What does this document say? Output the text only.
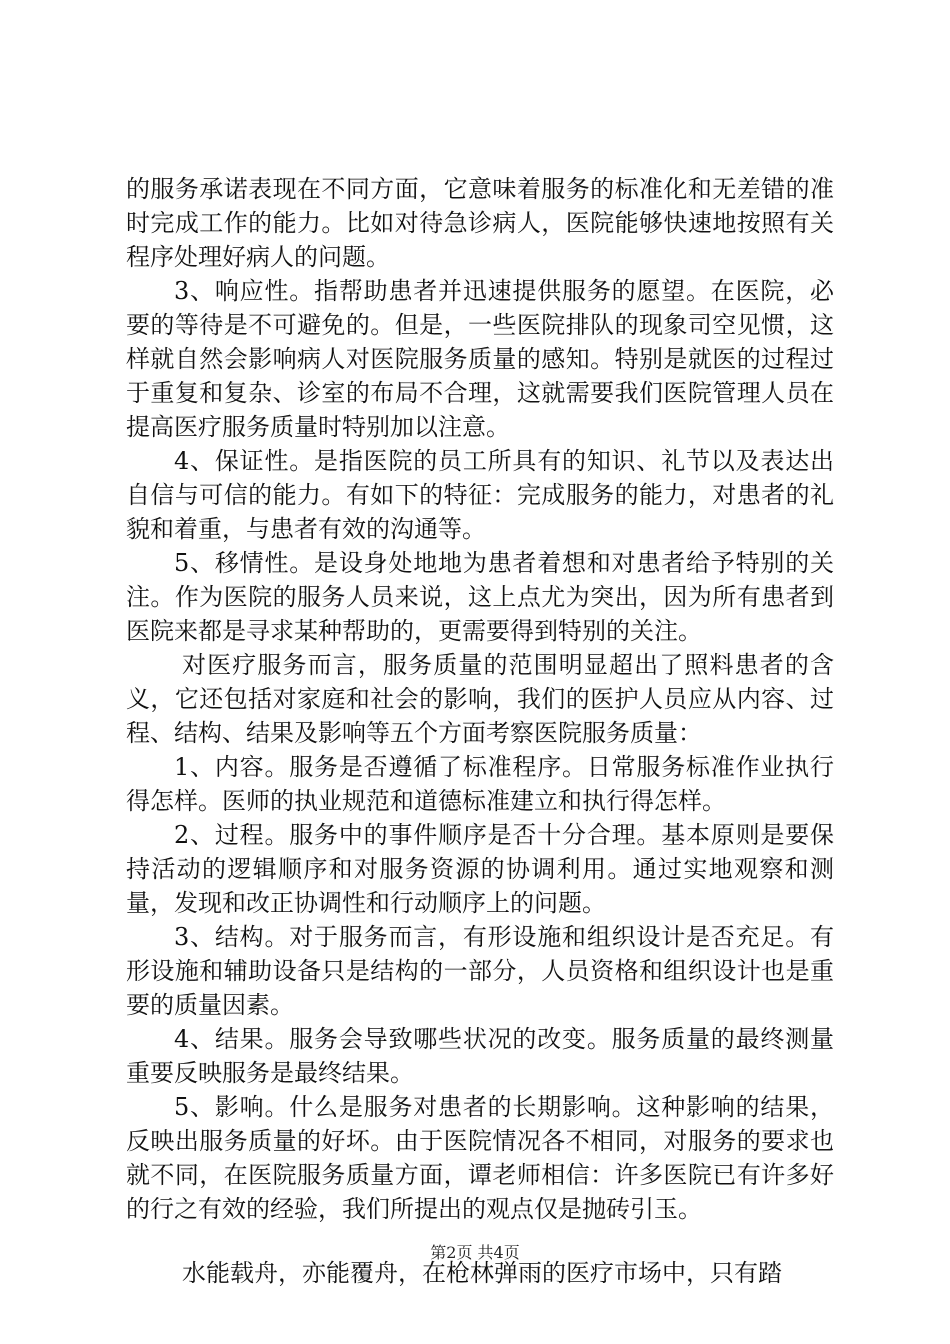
的服务承诺表现在不同方面，它意味着服务的标准化和无差错的准时完成工作的能力。比如对待急诊病人，医院能够快速地按照有关程序处理好病人的问题。

3、响应性。指帮助患者并迅速提供服务的愿望。在医院，必要的等待是不可避免的。但是，一些医院排队的现象司空见惯，这样就自然会影响病人对医院服务质量的感知。特别是就医的过程过于重复和复杂、诊室的布局不合理，这就需要我们医院管理人员在提高医疗服务质量时特别加以注意。

4、保证性。是指医院的员工所具有的知识、礼节以及表达出自信与可信的能力。有如下的特征：完成服务的能力，对患者的礼貌和着重，与患者有效的沟通等。

5、移情性。是设身处地地为患者着想和对患者给予特别的关注。作为医院的服务人员来说，这上点尤为突出，因为所有患者到医院来都是寻求某种帮助的，更需要得到特别的关注。

对医疗服务而言，服务质量的范围明显超出了照料患者的含义，它还包括对家庭和社会的影响，我们的医护人员应从内容、过程、结构、结果及影响等五个方面考察医院服务质量：

1、内容。服务是否遵循了标准程序。日常服务标准作业执行得怎样。医师的执业规范和道德标准建立和执行得怎样。

2、过程。服务中的事件顺序是否十分合理。基本原则是要保持活动的逻辑顺序和对服务资源的协调利用。通过实地观察和测量，发现和改正协调性和行动顺序上的问题。

3、结构。对于服务而言，有形设施和组织设计是否充足。有形设施和辅助设备只是结构的一部分，人员资格和组织设计也是重要的质量因素。

4、结果。服务会导致哪些状况的改变。服务质量的最终测量重要反映服务是最终结果。

5、影响。什么是服务对患者的长期影响。这种影响的结果，反映出服务质量的好坏。由于医院情况各不相同，对服务的要求也就不同，在医院服务质量方面，谭老师相信：许多医院已有许多好的行之有效的经验，我们所提出的观点仅是抛砖引玉。

水能载舟，亦能覆舟，在枪林弹雨的医疗市场中，只有踏

第2页 共4页
